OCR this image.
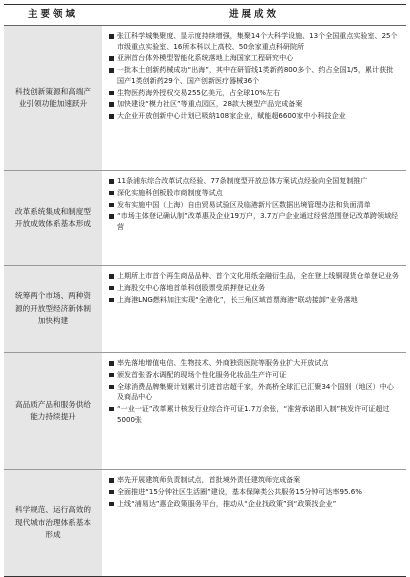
主要领域	进展成效
科技创新策源和高端产业引领功能加速跃升
张江科学城集聚度、显示度持续增强，集聚14个大科学设施、13个全国重点实验室、25个市级重点实验室、16所本科以上高校、50余家重点科研院所
亚洲首台体外模型智能化系统落地上海国家工程研究中心
一批本土创新药械成功“出海”，其中在研管线1类新药800多个、约占全国1/5，累计获批国产1类创新药29个、国产创新医疗器械36个
生物医药海外授权交易255亿美元，占全球10%左右
加快建设“模力社区”等重点园区，28款大模型产品完成备案
大企业开放创新中心计划已吸纳108家企业，赋能超6600家中小科技企业
改革系统集成和制度型开放成效体系基本形成
11条浦东综合改革试点经验、77条制度型开放总体方案试点经验向全国复制推广
深化实施科创板股市商制度等试点
发布实施中国（上海）自由贸易试验区及临港新片区数据出境管理办法和负面清单
“市场主体登记确认制”改革惠及企业19万户，3.7万户企业通过经营范围登记改革跨领域经营
统筹两个市场、两种资源的开放型经济新体制加快构建
上期所上市首个再生商品品种、首个文化用纸金融衍生品，全在登上线铜现货仓单登记业务
上海股交中心落地首单科创股票受质押登记业务
上海港LNG燃料加注实现“全港化”，长三角区域首票海港“联动接卸”业务落地
高品质产品和服务供给能力持续提升
率先落地增值电信、生物技术、外商独资医院等服务业扩大开放试点
颁发首张香水调配的现场个性化服务化妆品生产许可证
全球消费品牌集聚计划累计引进首店超千家，外高桥全球汇已汇聚34个国别（地区）中心及商品中心
“一业一证”改革累计核发行业综合许可证1.7万余张，“准营承诺即入制”核发许可证超过5000张
科学规范、运行高效的现代城市治理体系基本形成
率先开展建筑师负责制试点，首批境外责任建筑师完成备案
全面推进“15分钟社区生活圈”建设，基本保障类公共服务15分钟可达率95.6%
上线“浦易达”惠企政策服务平台，推动从“企业找政策”到“政策找企业”
